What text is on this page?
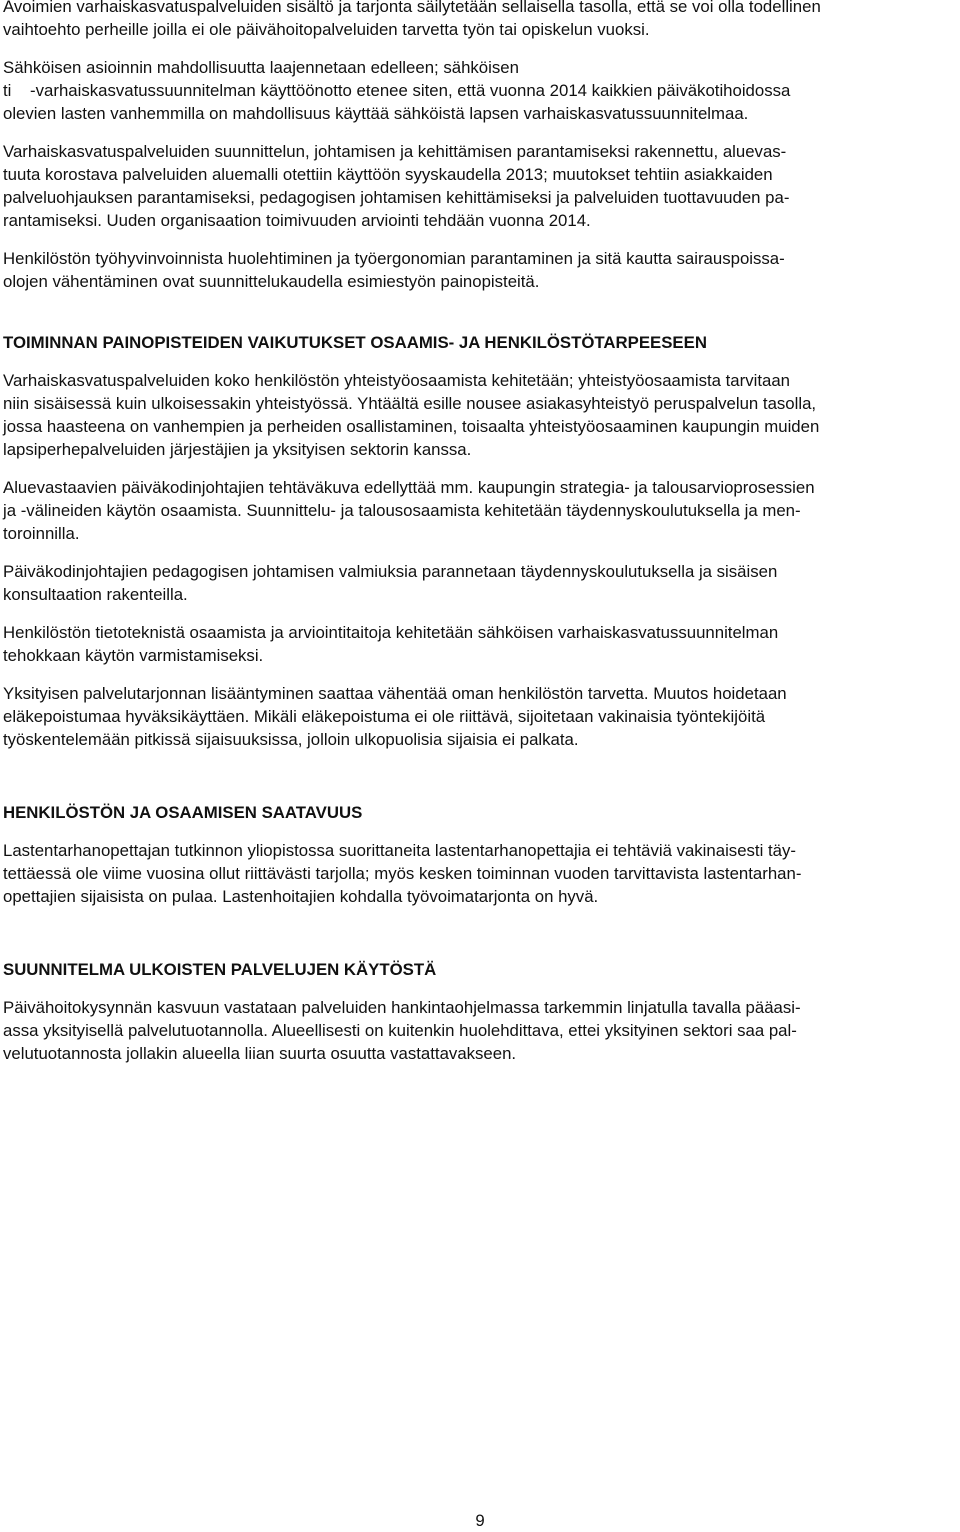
Avoimien varhaiskasvatuspalveluiden sisältö ja tarjonta säilytetään sellaisella tasolla, että se voi olla todellinen
vaihtoehto perheille joilla ei ole päivähoitopalveluiden tarvetta työn tai opiskelun vuoksi.

Sähköisen asioinnin mahdollisuutta laajennetaan edelleen; sähköisen
ti    -varhaiskasvatussuunnitelman käyttöönotto etenee siten, että vuonna 2014 kaikkien päiväkotihoidossa
olevien lasten vanhemmilla on mahdollisuus käyttää sähköistä lapsen varhaiskasvatussuunnitelmaa.

Varhaiskasvatuspalveluiden suunnittelun, johtamisen ja kehittämisen parantamiseksi rakennettu, aluevas-
tuuta korostava palveluiden aluemalli otettiin käyttöön syyskaudella 2013; muutokset tehtiin asiakkaiden
palveluohjauksen parantamiseksi, pedagogisen johtamisen kehittämiseksi ja palveluiden tuottavuuden pa-
rantamiseksi. Uuden organisaation toimivuuden arviointi tehdään vuonna 2014.

Henkilöstön työhyvinvoinnista huolehtiminen ja työergonomian parantaminen ja sitä kautta sairauspoissa-
olojen vähentäminen ovat suunnittelukaudella esimiestyön painopisteitä.

TOIMINNAN PAINOPISTEIDEN VAIKUTUKSET OSAAMIS- JA HENKILÖSTÖTARPEESEEN

Varhaiskasvatuspalveluiden koko henkilöstön yhteistyöosaamista kehitetään; yhteistyöosaamista tarvitaan
niin sisäisessä kuin ulkoisessakin yhteistyössä. Yhtäältä esille nousee asiakasyhteistyö peruspalvelun tasolla,
jossa haasteena on vanhempien ja perheiden osallistaminen, toisaalta yhteistyöosaaminen kaupungin muiden
lapsiperhepalveluiden järjestäjien ja yksityisen sektorin kanssa.

Aluevastaavien päiväkodinjohtajien tehtäväkuva edellyttää mm. kaupungin strategia- ja talousarvioprosessien
ja -välineiden käytön osaamista. Suunnittelu- ja talousosaamista kehitetään täydennyskoulutuksella ja men-
toroinnilla.

Päiväkodinjohtajien pedagogisen johtamisen valmiuksia parannetaan täydennyskoulutuksella ja sisäisen
konsultaation rakenteilla.

Henkilöstön tietoteknistä osaamista ja arviointitaitoja kehitetään sähköisen varhaiskasvatussuunnitelman
tehokkaan käytön varmistamiseksi.

Yksityisen palvelutarjonnan lisääntyminen saattaa vähentää oman henkilöstön tarvetta. Muutos hoidetaan
eläkepoistumaa hyväksikäyttäen. Mikäli eläkepoistuma ei ole riittävä, sijoitetaan vakinaisia työntekijöitä
työskentelemään pitkissä sijaisuuksissa, jolloin ulkopuolisia sijaisia ei palkata.

HENKILÖSTÖN JA OSAAMISEN SAATAVUUS

Lastentarhanopettajan tutkinnon yliopistossa suorittaneita lastentarhanopettajia ei tehtäviä vakinaisesti täy-
tettäessä ole viime vuosina ollut riittävästi tarjolla; myös kesken toiminnan vuoden tarvittavista lastentarhan-
opettajien sijaisista on pulaa. Lastenhoitajien kohdalla työvoimatarjonta on hyvä.

SUUNNITELMA ULKOISTEN PALVELUJEN KÄYTÖSTÄ

Päivähoitokysynnän kasvuun vastataan palveluiden hankintaohjelmassa tarkemmin linjatulla tavalla pääasi-
assa yksityisellä palvelutuotannolla. Alueellisesti on kuitenkin huolehdittava, ettei yksityinen sektori saa pal-
velutuotannosta jollakin alueella liian suurta osuutta vastattavakseen.

9
